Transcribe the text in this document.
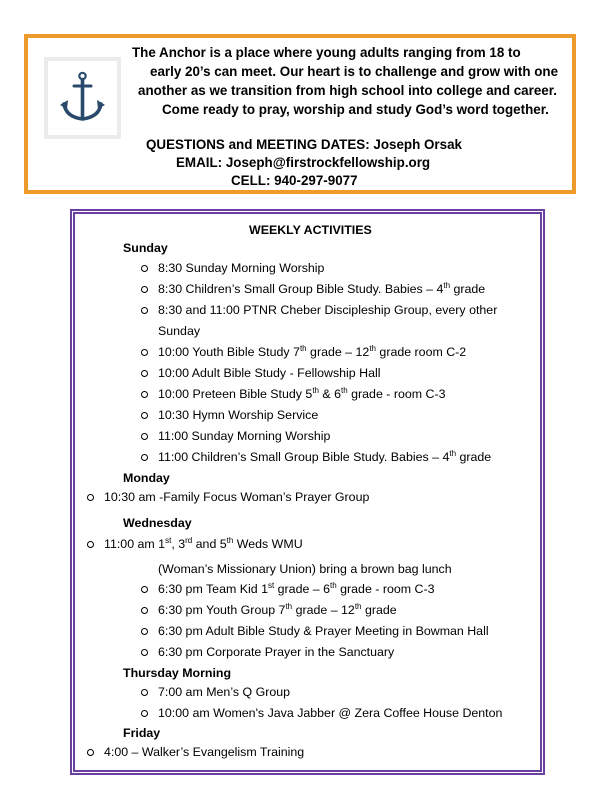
The Anchor is a place where young adults ranging from 18 to
early 20’s can meet. Our heart is to challenge and grow with one
another as we transition from high school into college and career.
Come ready to pray, worship and study God’s word together.
QUESTIONS and MEETING DATES: Joseph Orsak
EMAIL: Joseph@firstrockfellowship.org
CELL: 940-297-9077
WEEKLY ACTIVITIES
Sunday
8:30 Sunday Morning Worship
8:30 Children’s Small Group Bible Study. Babies – 4th grade
8:30 and 11:00 PTNR Cheber Discipleship Group, every other
Sunday
10:00 Youth Bible Study 7th grade – 12th grade room C-2
10:00 Adult Bible Study - Fellowship Hall
10:00 Preteen Bible Study 5th & 6th grade - room C-3
10:30 Hymn Worship Service
11:00 Sunday Morning Worship
11:00 Children’s Small Group Bible Study. Babies – 4th grade
Monday
10:30 am -Family Focus Woman’s Prayer Group
Wednesday
11:00 am 1st, 3rd and 5th Weds WMU
(Woman’s Missionary Union) bring a brown bag lunch
6:30 pm Team Kid 1st grade – 6th grade - room C-3
6:30 pm Youth Group 7th grade – 12th grade
6:30 pm Adult Bible Study & Prayer Meeting in Bowman Hall
6:30 pm Corporate Prayer in the Sanctuary
Thursday Morning
7:00 am Men’s Q Group
10:00 am Women's Java Jabber @ Zera Coffee House Denton
Friday
4:00 – Walker’s Evangelism Training
